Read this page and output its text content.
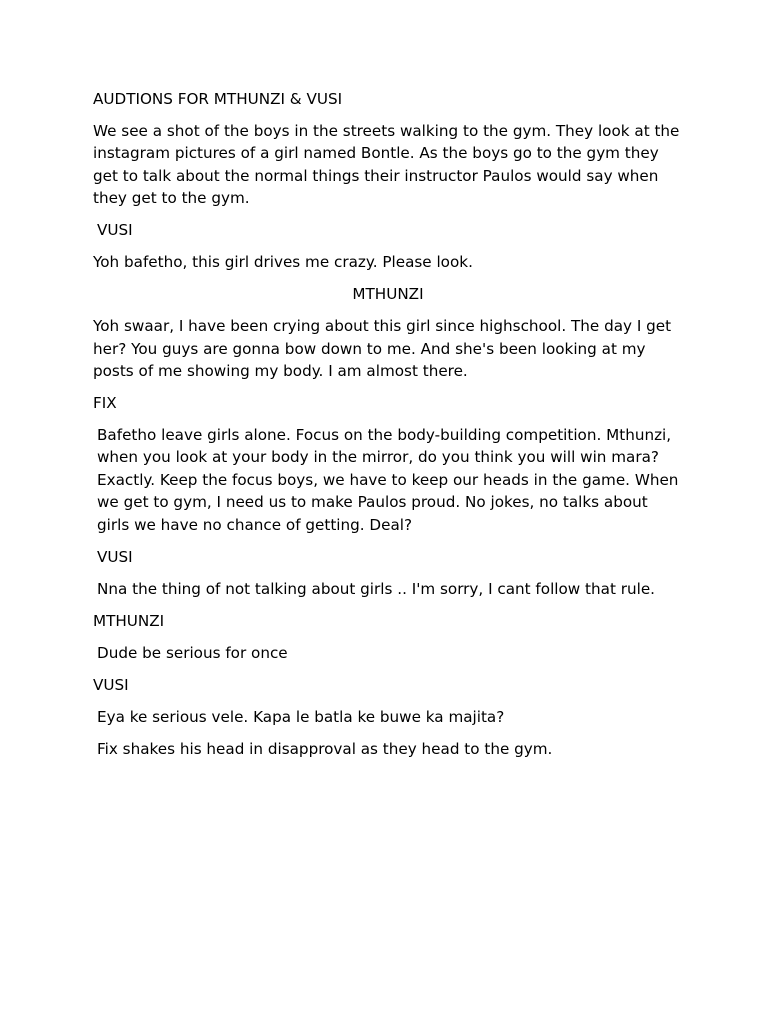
AUDTIONS FOR MTHUNZI & VUSI

We see a shot of the boys in the streets walking to the gym. They look at the instagram pictures of a girl named Bontle. As the boys go to the gym they get to talk about the normal things their instructor Paulos would say when they get to the gym.

VUSI

Yoh bafetho, this girl drives me crazy. Please look.

MTHUNZI

Yoh swaar, I have been crying about this girl since highschool. The day I get her? You guys are gonna bow down to me. And she's been looking at my posts of me showing my body. I am almost there.

FIX

Bafetho leave girls alone. Focus on the body-building competition. Mthunzi, when you look at your body in the mirror, do you think you will win mara? Exactly. Keep the focus boys, we have to keep our heads in the game. When we get to gym, I need us to make Paulos proud. No jokes, no talks about girls we have no chance of getting. Deal?

VUSI

Nna the thing of not talking about girls .. I'm sorry, I cant follow that rule.

MTHUNZI

Dude be serious for once

VUSI

Eya ke serious vele. Kapa le batla ke buwe ka majita?

Fix shakes his head in disapproval as they head to the gym.
